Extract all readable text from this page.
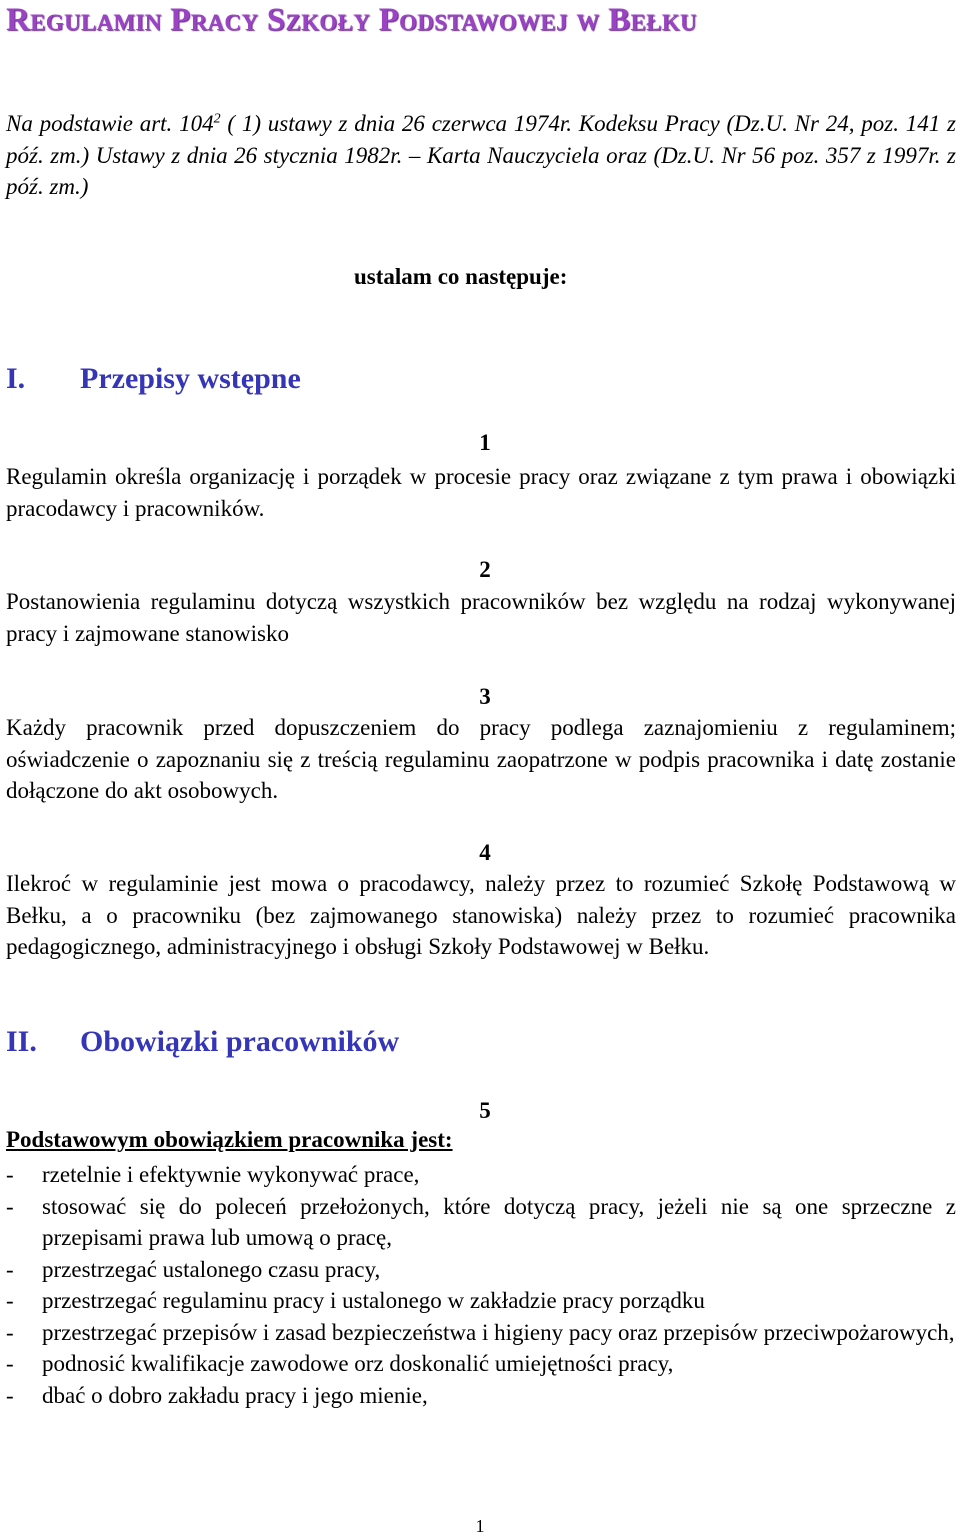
Regulamin Pracy Szkoły Podstawowej w Bełku

Na podstawie art. $104^2$ ( 1) ustawy z dnia 26 czerwca 1974r. Kodeksu Pracy (Dz.U. Nr 24, poz. 141 z póź. zm.) Ustawy z dnia 26 stycznia 1982r. – Karta Nauczyciela oraz (Dz.U. Nr 56 poz. 357 z 1997r. z póź. zm.)

ustalam co następuje:

I. Przepisy wstępne
1

Regulamin określa organizację i porządek w procesie pracy oraz związane z tym prawa i obowiązki pracodawcy i pracowników.

2

Postanowienia regulaminu dotyczą wszystkich pracowników bez względu na rodzaj wykonywanej pracy i zajmowane stanowisko

3

Każdy pracownik przed dopuszczeniem do pracy podlega zaznajomieniu z regulaminem; oświadczenie o zapoznaniu się z treścią regulaminu zaopatrzone w podpis pracownika i datę zostanie dołączone do akt osobowych.

4

Ilekroć w regulaminie jest mowa o pracodawcy, należy przez to rozumieć Szkołę Podstawową w Bełku, a o pracowniku (bez zajmowanego stanowiska) należy przez to rozumieć pracownika pedagogicznego, administracyjnego i obsługi Szkoły Podstawowej w Bełku.

II. Obowiązki pracowników
5

Podstawowym obowiązkiem pracownika jest:

- rzetelnie i efektywnie wykonywać prace,
- stosować się do poleceń przełożonych, które dotyczą pracy, jeżeli nie są one sprzeczne z przepisami prawa lub umową o pracę,
- przestrzegać ustalonego czasu pracy,
- przestrzegać regulaminu pracy i ustalonego w zakładzie pracy porządku
- przestrzegać przepisów i zasad bezpieczeństwa i higieny pacy oraz przepisów przeciwpożarowych,
- podnosić kwalifikacje zawodowe orz doskonalić umiejętności pracy,
- dbać o dobro zakładu pracy i jego mienie,
1
